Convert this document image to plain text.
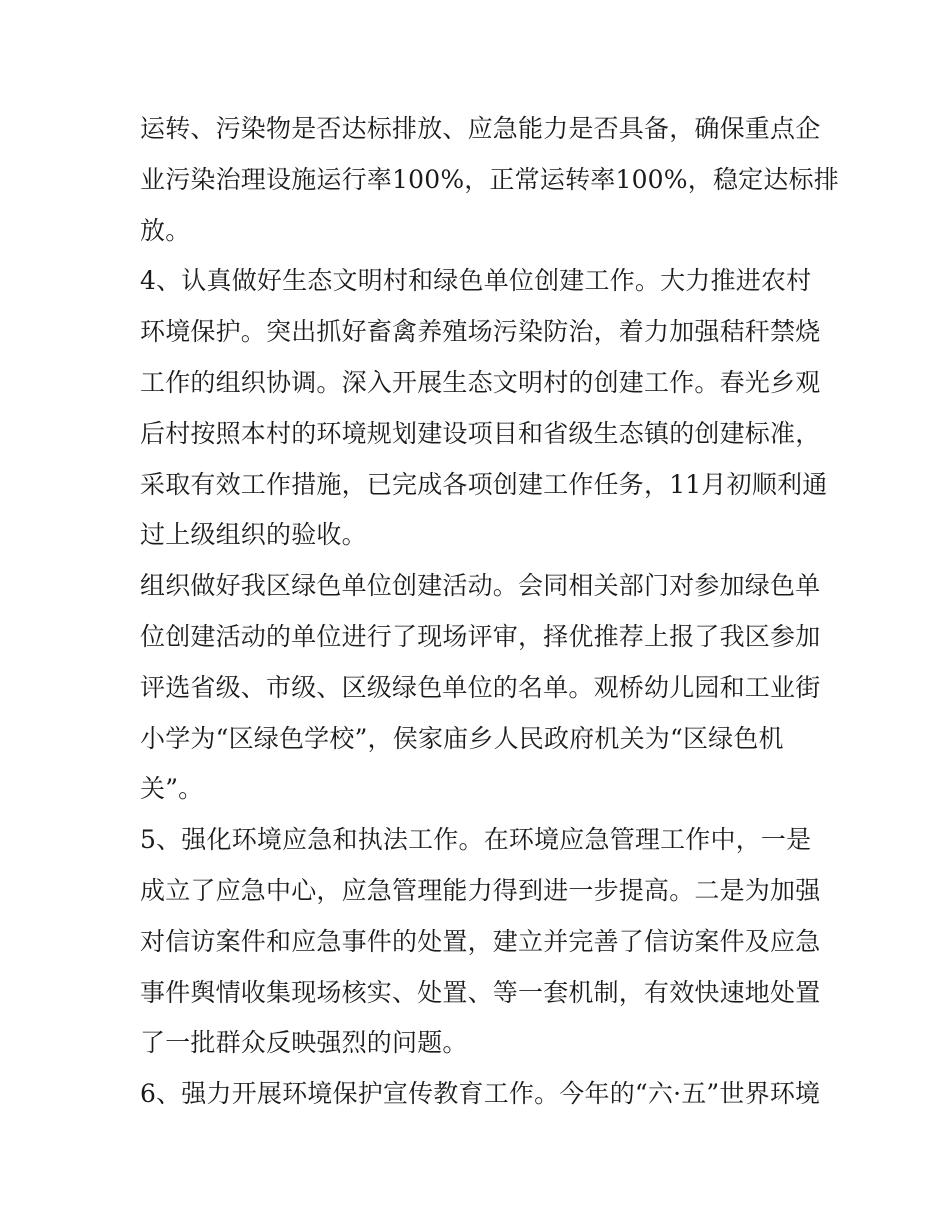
运转、污染物是否达标排放、应急能力是否具备，确保重点企
业污染治理设施运行率100%，正常运转率100%，稳定达标排
放。
4、认真做好生态文明村和绿色单位创建工作。大力推进农村
环境保护。突出抓好畜禽养殖场污染防治，着力加强秸秆禁烧
工作的组织协调。深入开展生态文明村的创建工作。春光乡观
后村按照本村的环境规划建设项目和省级生态镇的创建标准，
采取有效工作措施，已完成各项创建工作任务，11月初顺利通
过上级组织的验收。
组织做好我区绿色单位创建活动。会同相关部门对参加绿色单
位创建活动的单位进行了现场评审，择优推荐上报了我区参加
评选省级、市级、区级绿色单位的名单。观桥幼儿园和工业街
小学为“区绿色学校”，侯家庙乡人民政府机关为“区绿色机
关”。
5、强化环境应急和执法工作。在环境应急管理工作中，一是
成立了应急中心，应急管理能力得到进一步提高。二是为加强
对信访案件和应急事件的处置，建立并完善了信访案件及应急
事件舆情收集现场核实、处置、等一套机制，有效快速地处置
了一批群众反映强烈的问题。
6、强力开展环境保护宣传教育工作。今年的“六·五”世界环境
